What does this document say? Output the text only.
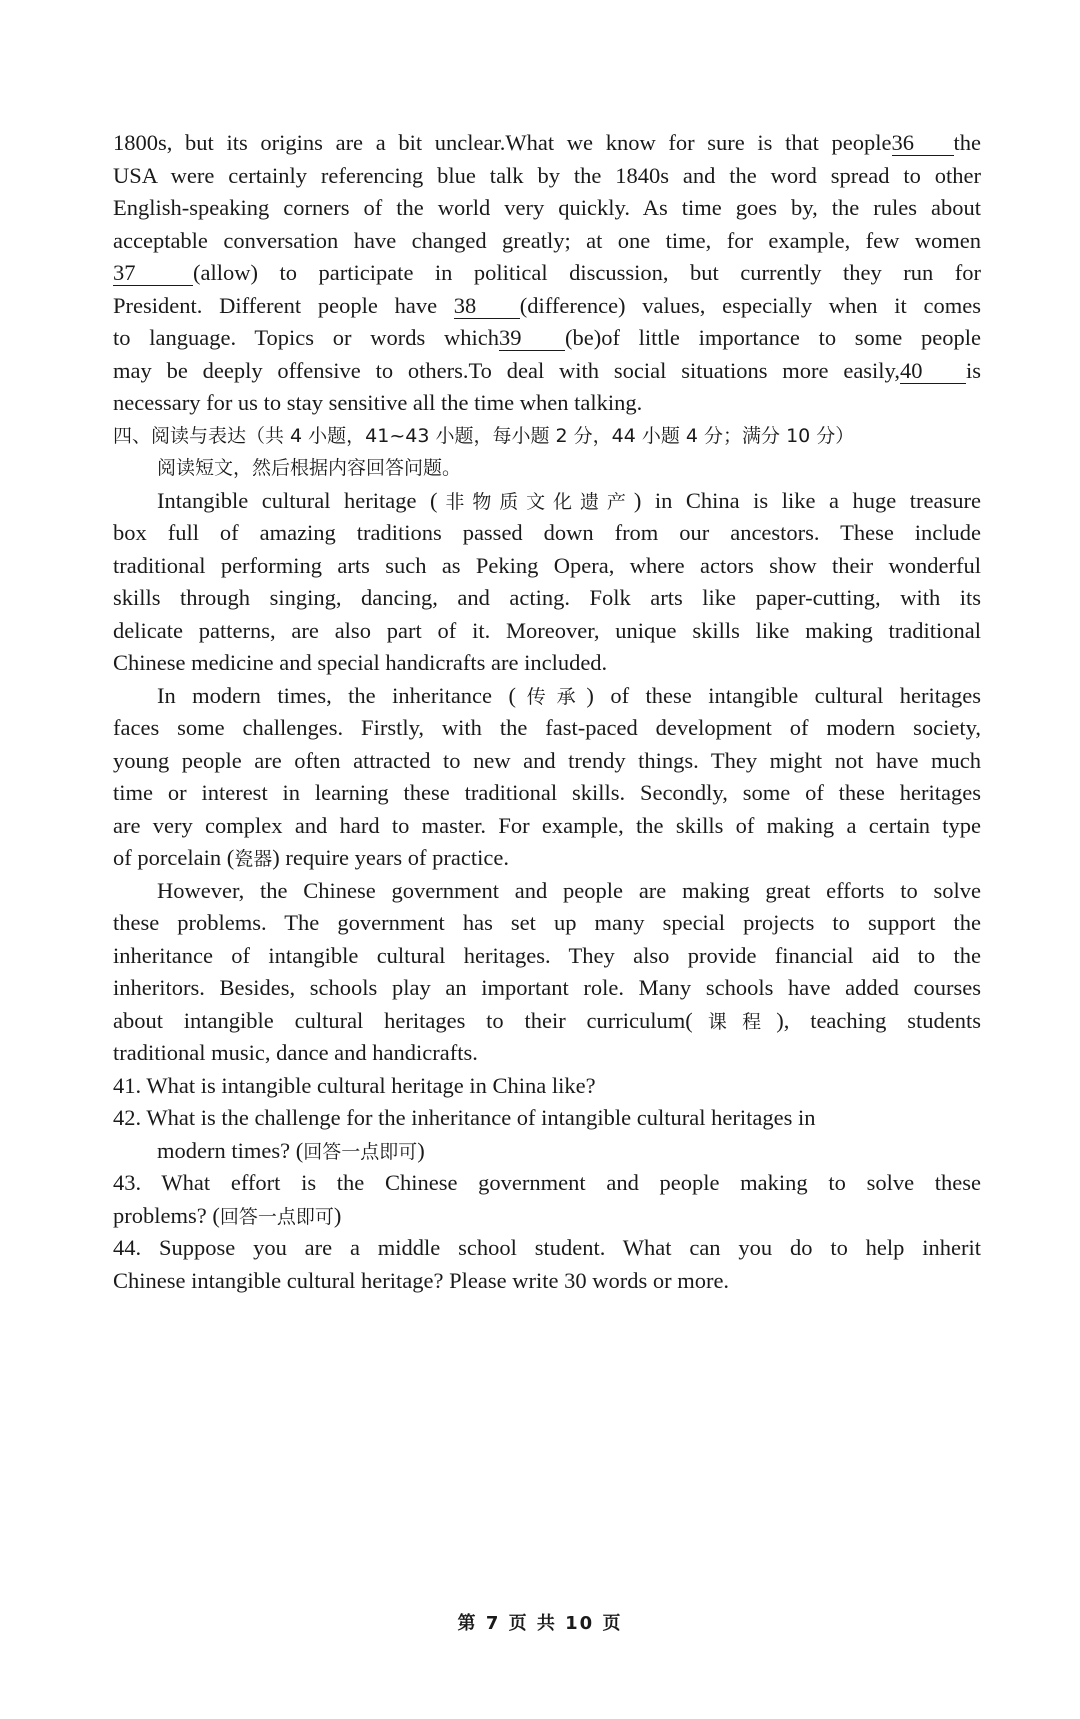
1800s, but its origins are a bit unclear.What we know for sure is that people36 the
USA were certainly referencing blue talk by the 1840s and the word spread to other
English-speaking corners of the world very quickly. As time goes by, the rules about
acceptable conversation have changed greatly; at one time, for example, few women
37	(allow) to participate in political discussion, but currently they run for
President. Different people have 38 (difference) values, especially when it comes
to language. Topics or words which39 (be)of little importance to some people
may be deeply offensive to others.To deal with social situations more easily,40 is
necessary for us to stay sensitive all the time when talking.
四、阅读与表达（共 4 小题，41~43 小题，每小题 2 分，44 小题 4 分；满分 10 分）
阅读短文，然后根据内容回答问题。
Intangible cultural heritage (非物质文化遗产) in China is like a huge treasure
box full of amazing traditions passed down from our ancestors. These include
traditional performing arts such as Peking Opera, where actors show their wonderful
skills through singing, dancing, and acting. Folk arts like paper-cutting, with its
delicate patterns, are also part of it. Moreover, unique skills like making traditional
Chinese medicine and special handicrafts are included.
In modern times, the inheritance (传承) of these intangible cultural heritages
faces some challenges. Firstly, with the fast-paced development of modern society,
young people are often attracted to new and trendy things. They might not have much
time or interest in learning these traditional skills. Secondly, some of these heritages
are very complex and hard to master. For example, the skills of making a certain type
of porcelain (瓷器) require years of practice.
However, the Chinese government and people are making great efforts to solve
these problems. The government has set up many special projects to support the
inheritance of intangible cultural heritages. They also provide financial aid to the
inheritors. Besides, schools play an important role. Many schools have added courses
about intangible cultural heritages to their curriculum(课程), teaching students
traditional music, dance and handicrafts.
41. What is intangible cultural heritage in China like?
42. What is the challenge for the inheritance of intangible cultural heritages in
modern times? (回答一点即可)
43. What effort is the Chinese government and people making to solve these
problems? (回答一点即可)
44. Suppose you are a middle school student. What can you do to help inherit
Chinese intangible cultural heritage? Please write 30 words or more.
第 7 页 共 10 页
